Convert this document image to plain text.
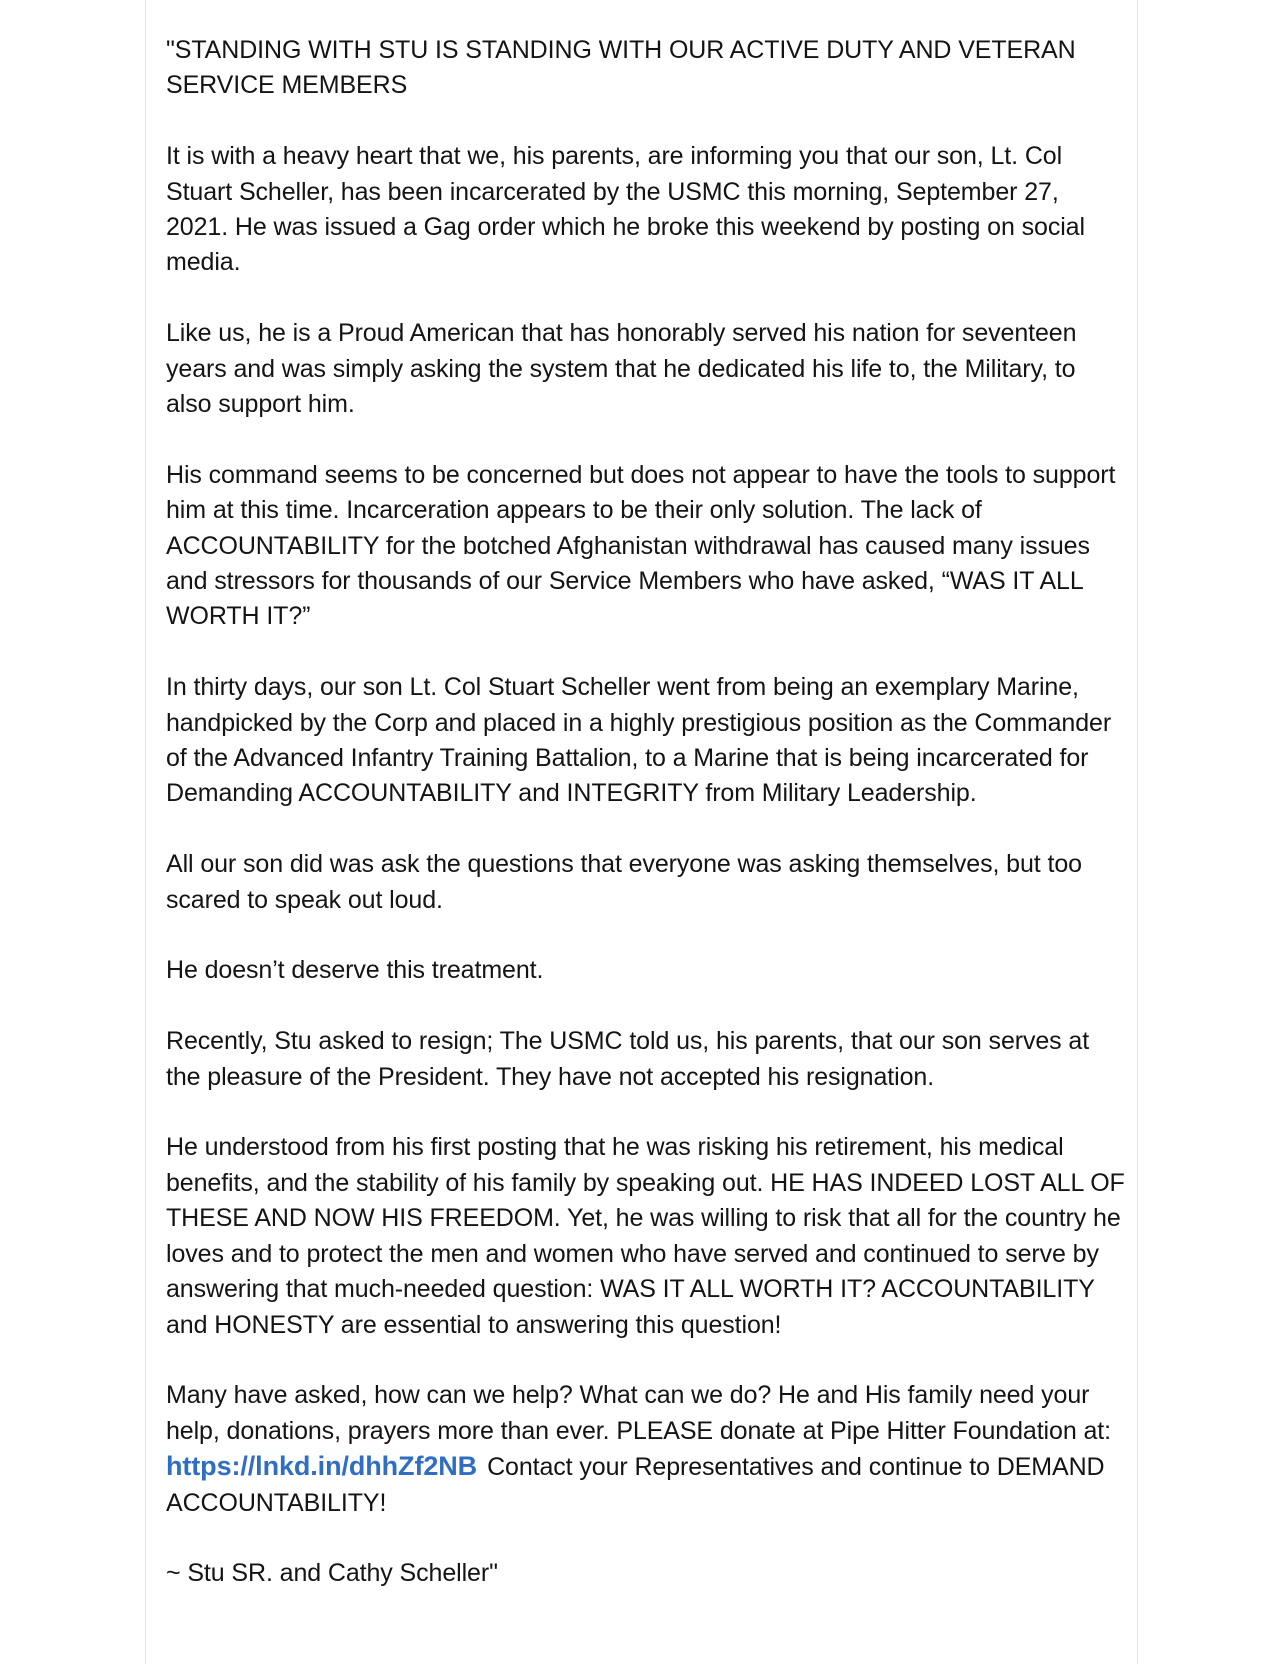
"STANDING WITH STU IS STANDING WITH OUR ACTIVE DUTY AND VETERAN SERVICE MEMBERS

It is with a heavy heart that we, his parents, are informing you that our son, Lt. Col Stuart Scheller, has been incarcerated by the USMC this morning, September 27, 2021. He was issued a Gag order which he broke this weekend by posting on social media.

Like us, he is a Proud American that has honorably served his nation for seventeen years and was simply asking the system that he dedicated his life to, the Military, to also support him.

His command seems to be concerned but does not appear to have the tools to support him at this time. Incarceration appears to be their only solution. The lack of ACCOUNTABILITY for the botched Afghanistan withdrawal has caused many issues and stressors for thousands of our Service Members who have asked, “WAS IT ALL WORTH IT?”

In thirty days, our son Lt. Col Stuart Scheller went from being an exemplary Marine, handpicked by the Corp and placed in a highly prestigious position as the Commander of the Advanced Infantry Training Battalion, to a Marine that is being incarcerated for Demanding ACCOUNTABILITY and INTEGRITY from Military Leadership.

All our son did was ask the questions that everyone was asking themselves, but too scared to speak out loud.

He doesn’t deserve this treatment.

Recently, Stu asked to resign; The USMC told us, his parents, that our son serves at the pleasure of the President. They have not accepted his resignation.

He understood from his first posting that he was risking his retirement, his medical benefits, and the stability of his family by speaking out. HE HAS INDEED LOST ALL OF THESE AND NOW HIS FREEDOM. Yet, he was willing to risk that all for the country he loves and to protect the men and women who have served and continued to serve by answering that much-needed question: WAS IT ALL WORTH IT? ACCOUNTABILITY and HONESTY are essential to answering this question!

Many have asked, how can we help? What can we do? He and His family need your help, donations, prayers more than ever. PLEASE donate at Pipe Hitter Foundation at: https://lnkd.in/dhhZf2NB Contact your Representatives and continue to DEMAND ACCOUNTABILITY!

~ Stu SR. and Cathy Scheller"
